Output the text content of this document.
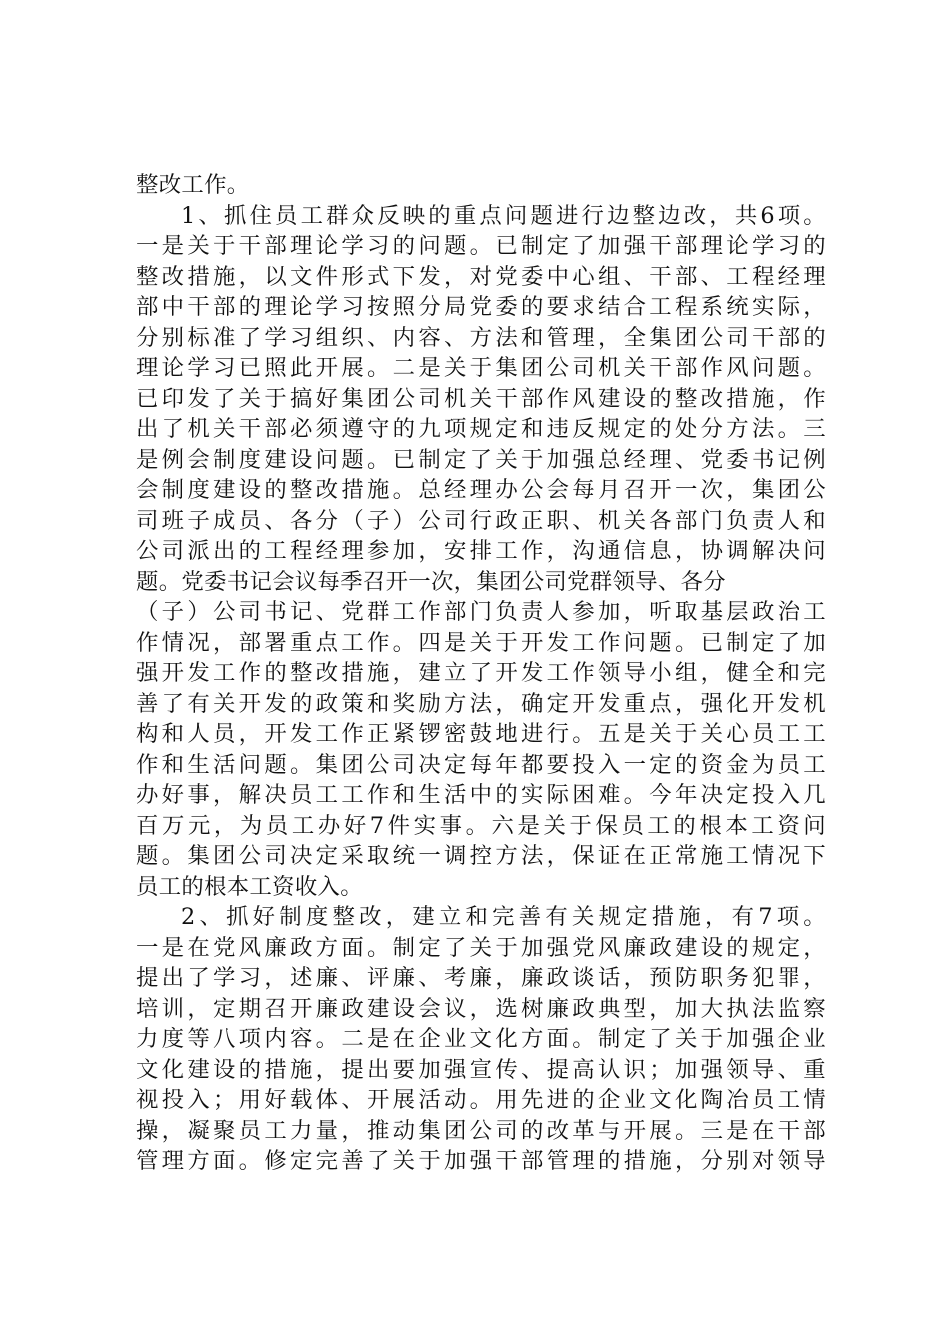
整改工作。
1、抓住员工群众反映的重点问题进行边整边改，共6项。
一是关于干部理论学习的问题。已制定了加强干部理论学习的
整改措施，以文件形式下发，对党委中心组、干部、工程经理
部中干部的理论学习按照分局党委的要求结合工程系统实际，
分别标准了学习组织、内容、方法和管理，全集团公司干部的
理论学习已照此开展。二是关于集团公司机关干部作风问题。
已印发了关于搞好集团公司机关干部作风建设的整改措施，作
出了机关干部必须遵守的九项规定和违反规定的处分方法。三
是例会制度建设问题。已制定了关于加强总经理、党委书记例
会制度建设的整改措施。总经理办公会每月召开一次，集团公
司班子成员、各分（子）公司行政正职、机关各部门负责人和
公司派出的工程经理参加，安排工作，沟通信息，协调解决问
题。党委书记会议每季召开一次，集团公司党群领导、各分
（子）公司书记、党群工作部门负责人参加，听取基层政治工
作情况，部署重点工作。四是关于开发工作问题。已制定了加
强开发工作的整改措施，建立了开发工作领导小组，健全和完
善了有关开发的政策和奖励方法，确定开发重点，强化开发机
构和人员，开发工作正紧锣密鼓地进行。五是关于关心员工工
作和生活问题。集团公司决定每年都要投入一定的资金为员工
办好事，解决员工工作和生活中的实际困难。今年决定投入几
百万元，为员工办好7件实事。六是关于保员工的根本工资问
题。集团公司决定采取统一调控方法，保证在正常施工情况下
员工的根本工资收入。
2、抓好制度整改，建立和完善有关规定措施，有7项。
一是在党风廉政方面。制定了关于加强党风廉政建设的规定，
提出了学习，述廉、评廉、考廉，廉政谈话，预防职务犯罪，
培训，定期召开廉政建设会议，选树廉政典型，加大执法监察
力度等八项内容。二是在企业文化方面。制定了关于加强企业
文化建设的措施，提出要加强宣传、提高认识；加强领导、重
视投入；用好载体、开展活动。用先进的企业文化陶冶员工情
操，凝聚员工力量，推动集团公司的改革与开展。三是在干部
管理方面。修定完善了关于加强干部管理的措施，分别对领导
